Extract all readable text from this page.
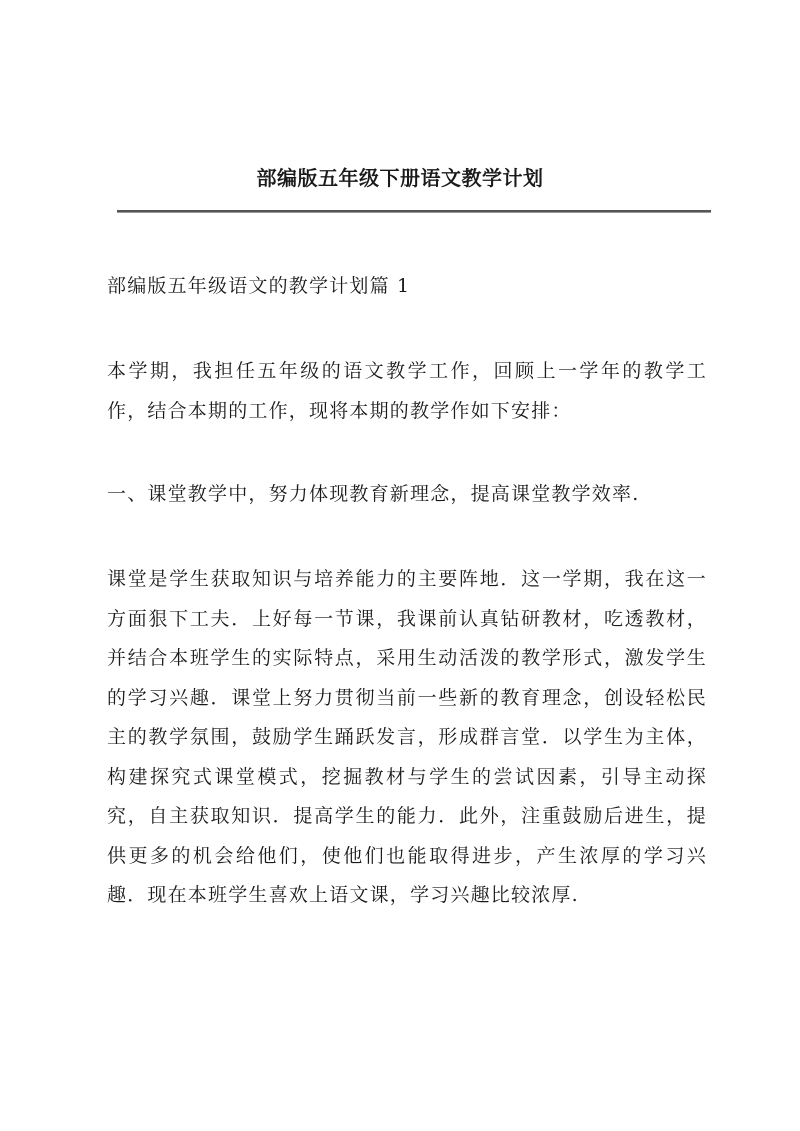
部编版五年级下册语文教学计划

部编版五年级语文的教学计划篇 1

本学期，我担任五年级的语文教学工作，回顾上一学年的教学工作，结合本期的工作，现将本期的教学作如下安排：

一、课堂教学中，努力体现教育新理念，提高课堂教学效率.

课堂是学生获取知识与培养能力的主要阵地．这一学期，我在这一方面狠下工夫．上好每一节课，我课前认真钻研教材，吃透教材，并结合本班学生的实际特点，采用生动活泼的教学形式，激发学生的学习兴趣．课堂上努力贯彻当前一些新的教育理念，创设轻松民主的教学氛围，鼓励学生踊跃发言，形成群言堂．以学生为主体，构建探究式课堂模式，挖掘教材与学生的尝试因素，引导主动探究，自主获取知识．提高学生的能力．此外，注重鼓励后进生，提供更多的机会给他们，使他们也能取得进步，产生浓厚的学习兴趣．现在本班学生喜欢上语文课，学习兴趣比较浓厚.
